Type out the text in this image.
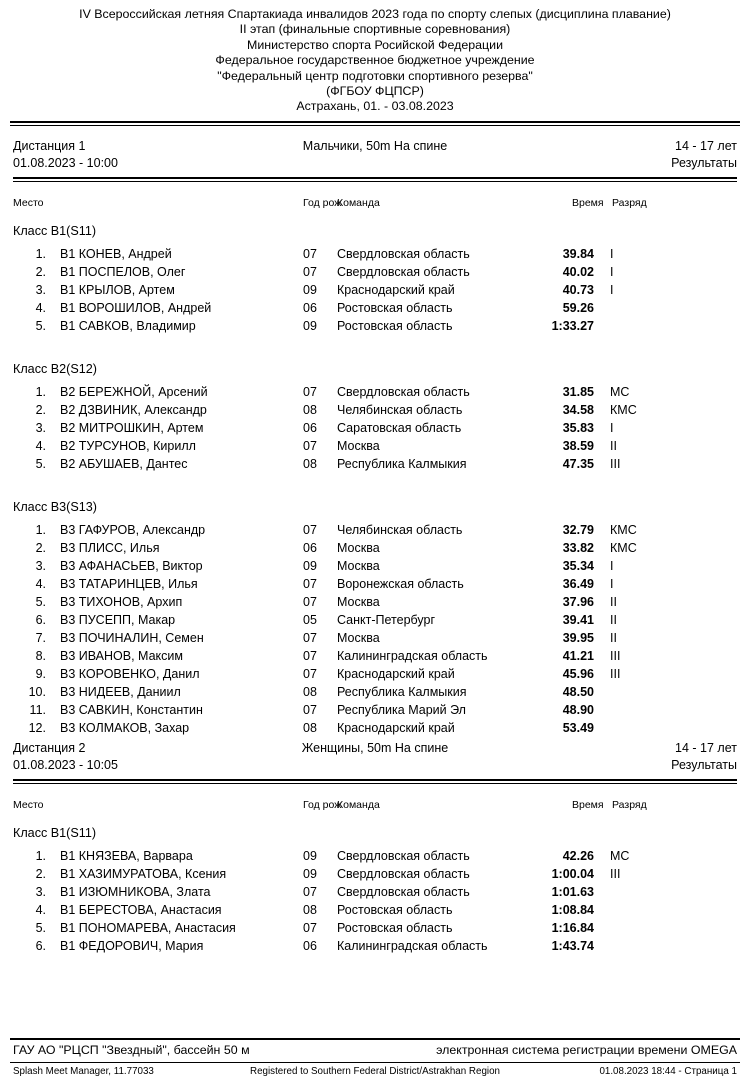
IV Всероссийская летняя Спартакиада инвалидов 2023 года по спорту слепых (дисциплина плавание)
II этап (финальные спортивные соревнования)
Министерство спорта Росийской Федерации
Федеральное государственное бюджетное учреждение
"Федеральный центр подготовки спортивного резерва"
(ФГБОУ ФЦПСР)
Астрахань, 01. - 03.08.2023
Дистанция 1	Мальчики, 50m На спине	14 - 17 лет
01.08.2023 - 10:00	Результаты
Место	Год рож
Команда	Время Разряд
Класс B1(S11)
1. B1 КОНЕВ, Андрей	07 Свердловская область	39.84 I
2. B1 ПОСПЕЛОВ, Олег	07 Свердловская область	40.02 I
3. B1 КРЫЛОВ, Артем	09 Краснодарский край	40.73 I
4. B1 ВОРОШИЛОВ, Андрей	06 Ростовская область	59.26
5. B1 САВКОВ, Владимир	09 Ростовская область	1:33.27
Класс B2(S12)
1. B2 БЕРЕЖНОЙ, Арсений	07 Свердловская область	31.85 МС
2. B2 ДЗВИНИК, Александр	08 Челябинская область	34.58 КМС
3. B2 МИТРОШКИН, Артем	06 Саратовская область	35.83 I
4. B2 ТУРСУНОВ, Кирилл	07 Москва	38.59 II
5. B2 АБУШАЕВ, Дантес	08 Республика Калмыкия	47.35 III
Класс B3(S13)
1. B3 ГАФУРОВ, Александр	07 Челябинская область	32.79 КМС
2. B3 ПЛИСС, Илья	06 Москва	33.82 КМС
3. B3 АФАНАСЬЕВ, Виктор	09 Москва	35.34 I
4. B3 ТАТАРИНЦЕВ, Илья	07 Воронежская область	36.49 I
5. B3 ТИХОНОВ, Архип	07 Москва	37.96 II
6. B3 ПУСЕПП, Макар	05 Санкт-Петербург	39.41 II
7. B3 ПОЧИНАЛИН, Семен	07 Москва	39.95 II
8. B3 ИВАНОВ, Максим	07 Калининградская область	41.21 III
9. B3 КОРОВЕНКО, Данил	07 Краснодарский край	45.96 III
10. B3 НИДЕЕВ, Даниил	08 Республика Калмыкия	48.50
11. B3 САВКИН, Константин	07 Республика Марий Эл	48.90
12. B3 КОЛМАКОВ, Захар	08 Краснодарский край	53.49
Дистанция 2	Женщины, 50m На спине	14 - 17 лет
01.08.2023 - 10:05	Результаты
Место	Год рож
Команда	Время Разряд
Класс B1(S11)
1. B1 КНЯЗЕВА, Варвара	09 Свердловская область	42.26 МС
2. B1 ХАЗИМУРАТОВА, Ксения	09 Свердловская область	1:00.04 III
3. B1 ИЗЮМНИКОВА, Злата	07 Свердловская область	1:01.63
4. B1 БЕРЕСТОВА, Анастасия	08 Ростовская область	1:08.84
5. B1 ПОНОМАРЕВА, Анастасия	07 Ростовская область	1:16.84
6. B1 ФЕДОРОВИЧ, Мария	06 Калининградская область	1:43.74
ГАУ АО "РЦСП "Звездный", бассейн 50 м	электронная система регистрации времени OMEGA
Splash Meet Manager, 11.77033	Registered to Southern Federal District/Astrakhan Region	01.08.2023 18:44 - Страница 1
